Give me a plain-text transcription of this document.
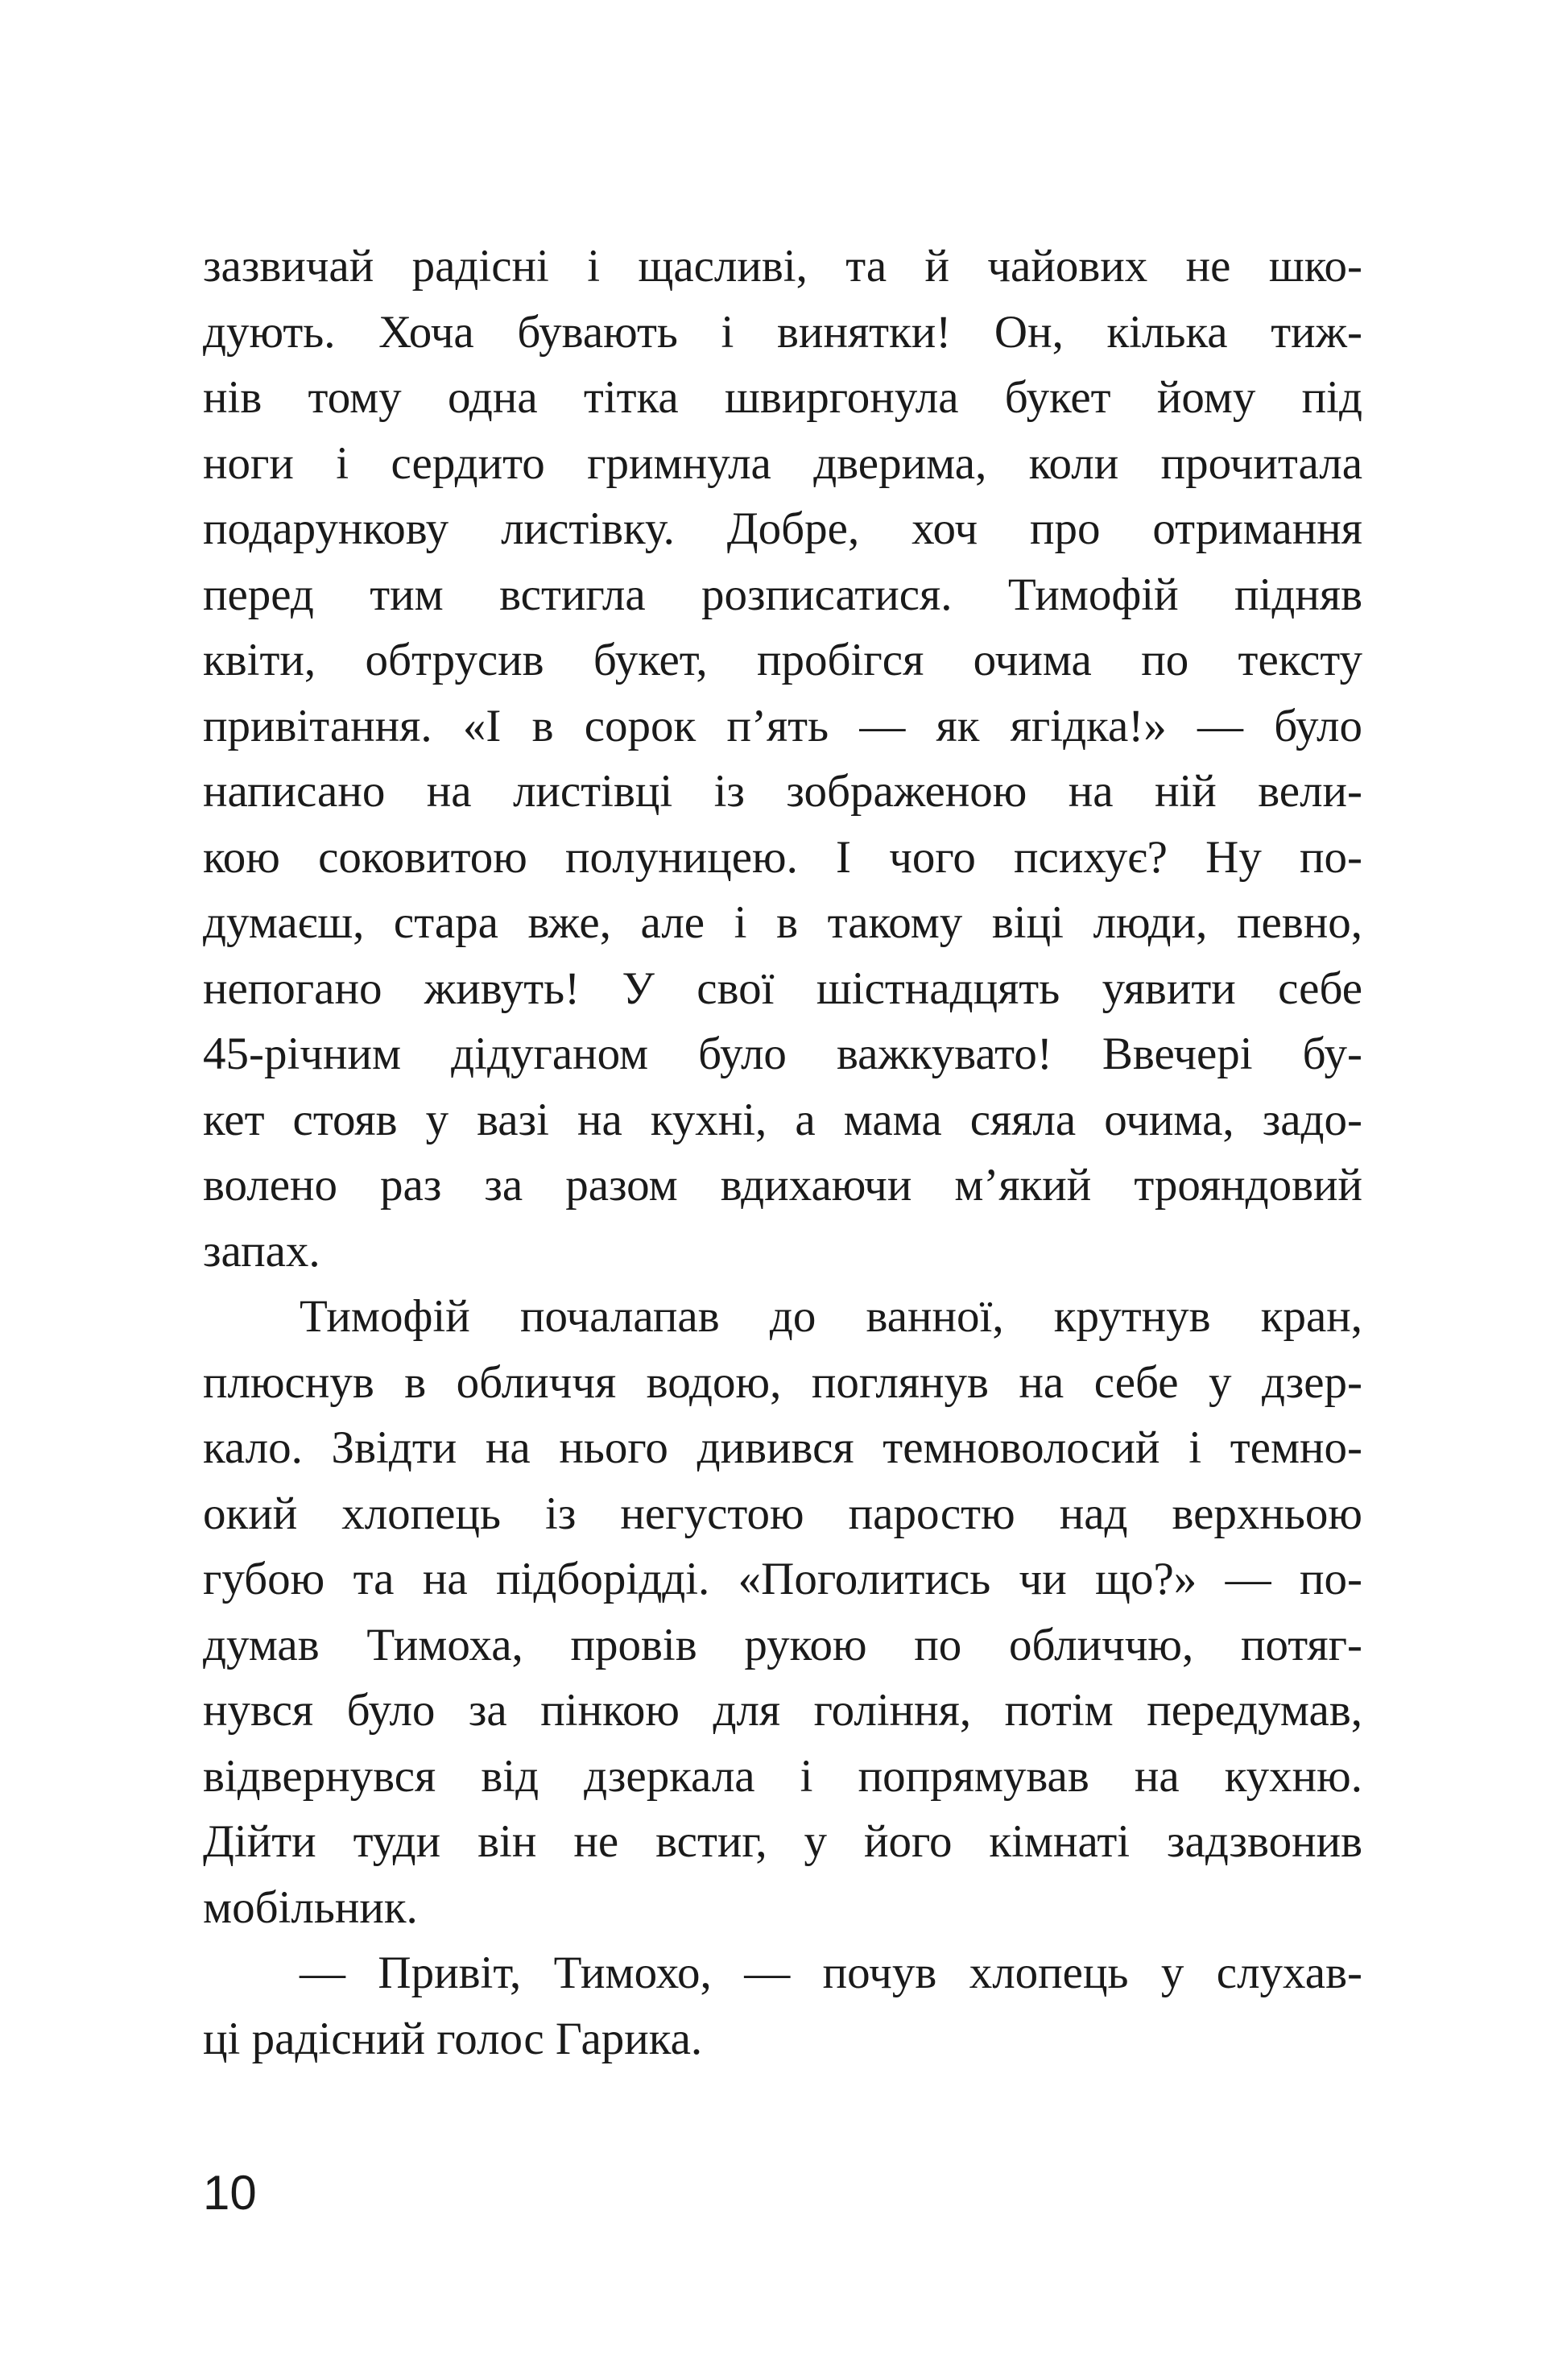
зазвичай радісні і щасливі, та й чайових не шко-
дують. Хоча бувають і винятки! Он, кілька тиж-
нів тому одна тітка швиргонула букет йому під
ноги і сердито гримнула дверима, коли прочитала
подарункову листівку. Добре, хоч про отримання
перед тим встигла розписатися. Тимофій підняв
квіти, обтрусив букет, пробігся очима по тексту
привітання. «І в сорок п’ять — як ягідка!» — було
написано на листівці із зображеною на ній вели-
кою соковитою полуницею. І чого психує? Ну по-
думаєш, стара вже, але і в такому віці люди, певно,
непогано живуть! У свої шістнадцять уявити себе
45-річним дідуганом було важкувато! Ввечері бу-
кет стояв у вазі на кухні, а мама сяяла очима, задо-
волено раз за разом вдихаючи м’який трояндовий
запах.
Тимофій почалапав до ванної, крутнув кран,
плюснув в обличчя водою, поглянув на себе у дзер-
кало. Звідти на нього дивився темноволосий і темно-
окий хлопець із негустою паростю над верхньою
губою та на підборідді. «Поголитись чи що?» — по-
думав Тимоха, провів рукою по обличчю, потяг-
нувся було за пінкою для гоління, потім передумав,
відвернувся від дзеркала і попрямував на кухню.
Дійти туди він не встиг, у його кімнаті задзвонив
мобільник.
— Привіт, Тимохо, — почув хлопець у слухав-
ці радісний голос Гарика.
10
